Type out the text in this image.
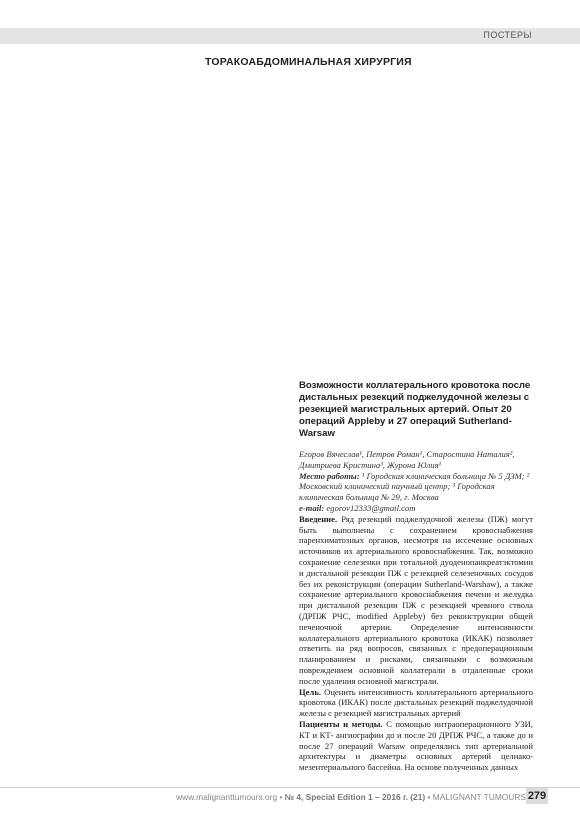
ПОСТЕРЫ
ТОРАКОАБДОМИНАЛЬНАЯ ХИРУРГИЯ
Возможности коллатерального кровотока после дистальных резекций поджелудочной железы с резекцией магистральных артерий. Опыт 20 операций Appleby и 27 операций Sutherland-Warsaw
Егоров Вячеслав¹, Петров Роман¹, Старостина Наталия², Дмитриева Кристина³, Журона Юлия¹
Место работы: ¹ Городская клиническая больница № 5 ДЗМ; ² Московский клинический научный центр; ³ Городская клиническая больница № 29, г. Москва
e-mail: egorov12333@gmail.com

Введение. Ряд резекций поджелудочной железы (ПЖ) могут быть выполнены с сохранением кровоснабжения паренхиматозных органов, несмотря на иссечение основных источников их артериального кровоснабжения. Так, возможно сохранение селезенки при тотальной дуоденопанкреатэктомии и дистальной резекции ПЖ с резекцией селезеночных сосудов без их реконструкции (операции Sutherland-Warshaw), а также сохранение артериального кровоснабжения печени и желудка при дистальной резекции ПЖ с резекцией чревного ствола (ДРПЖ РЧС, modified Appleby) без реконструкции общей печеночной артерии. Определение интенсивности коллатерального артериального кровотока (ИКАК) позволяет ответить на ряд вопросов, связанных с предоперационным планированием и рисками, связанными с возможным повреждением основной коллатерали в отдаленные сроки после удаления основной магистрали.

Цель. Оценить интенсивность коллатерального артериального кровотока (ИКАК) после дистальных резекций поджелудочной железы с резекцией магистральных артерий

Пациенты и методы. С помощью интраоперационного УЗИ, КТ и КТ- ангиографии до и после 20 ДРПЖ РЧС, а также до и после 27 операций Warsaw определялись тип артериальной архитектуры и диаметры основных артерий целиако-мезентериального бассейна. На основе полученных данных

www.malignanttumours.org • № 4, Special Edition 1 – 2016 г. (21) • MALIGNANT TUMOURS 279
